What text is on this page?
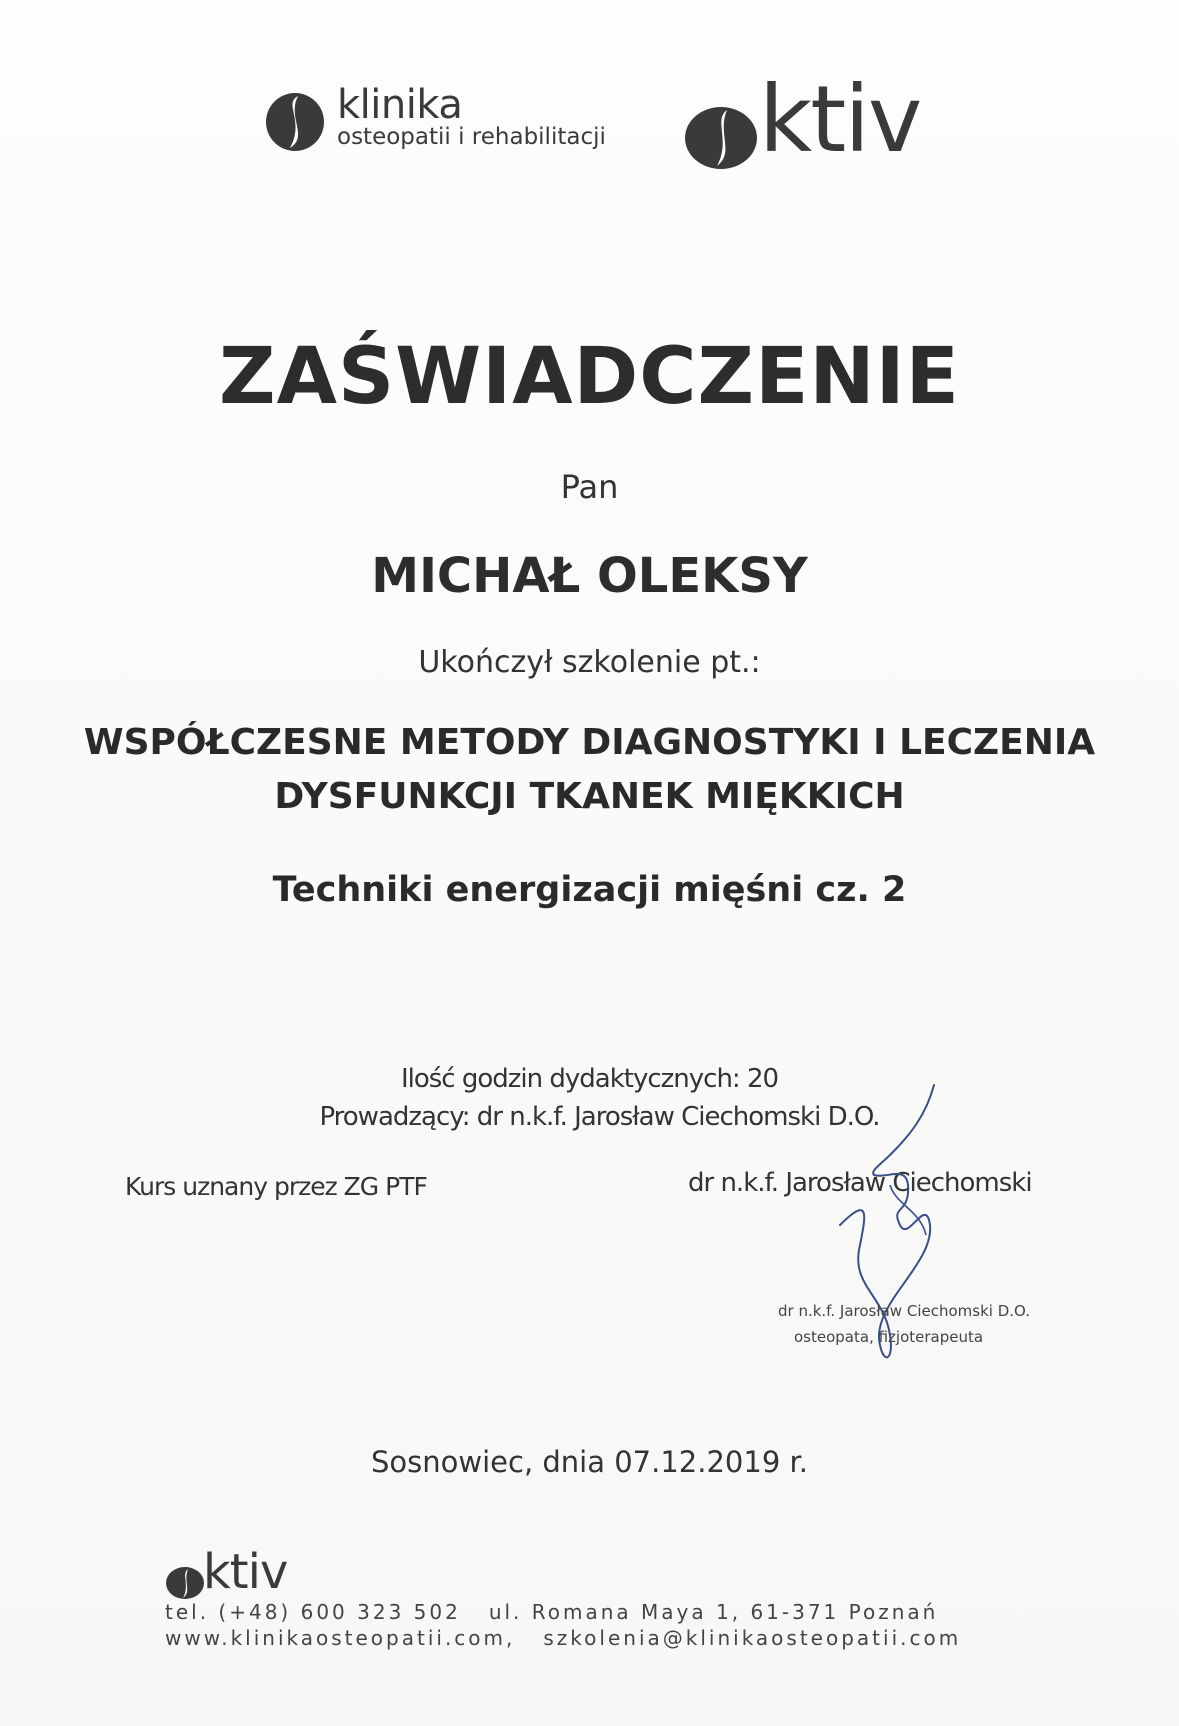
klinika
osteopatii i rehabilitacji ktiv
ZAŚWIADCZENIE
Pan
MICHAŁ OLEKSY
Ukończył szkolenie pt.:
WSPÓŁCZESNE METODY DIAGNOSTYKI I LECZENIA
DYSFUNKCJI TKANEK MIĘKKICH
Techniki energizacji mięśni cz. 2
Ilość godzin dydaktycznych: 20
Prowadzący: dr n.k.f. Jarosław Ciechomski D.O.
Kurs uznany przez ZG PTF	dr n.k.f. Jarosław Ciechomski
dr n.k.f. Jarosław Ciechomski D.O.
osteopata, fizjoterapeuta
Sosnowiec, dnia 07.12.2019 r.
ktiv
tel. (+48) 600 323 502 ul. Romana Maya 1, 61-371 Poznań
www.klinikaosteopatii.com, szkolenia@klinikaosteopatii.com
